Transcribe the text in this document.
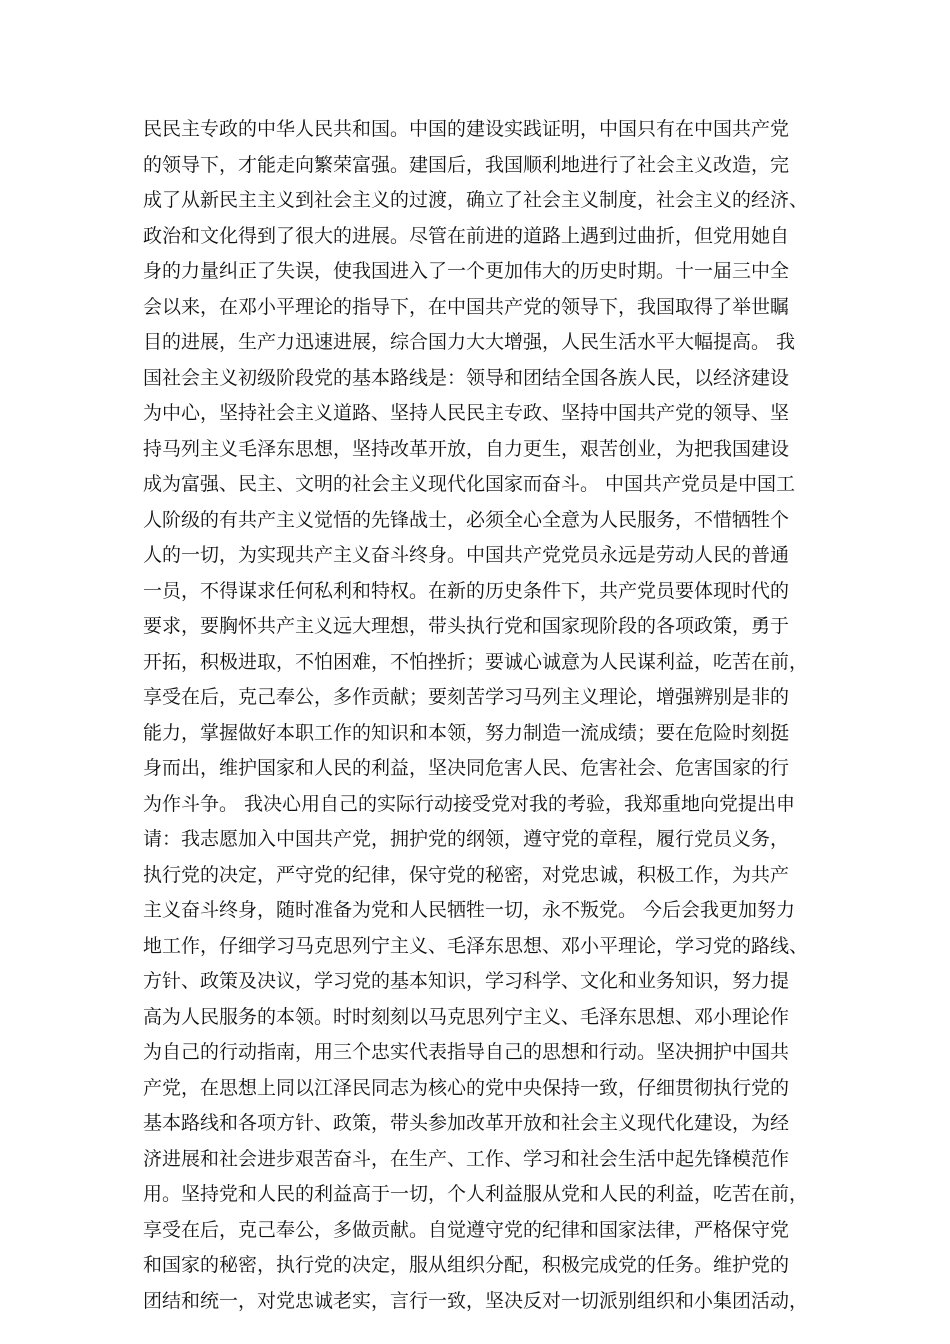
民民主专政的中华人民共和国。中国的建设实践证明，中国只有在中国共产党
的领导下，才能走向繁荣富强。建国后，我国顺利地进行了社会主义改造，完
成了从新民主主义到社会主义的过渡，确立了社会主义制度，社会主义的经济、
政治和文化得到了很大的进展。尽管在前进的道路上遇到过曲折，但党用她自
身的力量纠正了失误，使我国进入了一个更加伟大的历史时期。十一届三中全
会以来，在邓小平理论的指导下，在中国共产党的领导下，我国取得了举世瞩
目的进展，生产力迅速进展，综合国力大大增强，人民生活水平大幅提高。 我
国社会主义初级阶段党的基本路线是：领导和团结全国各族人民，以经济建设
为中心，坚持社会主义道路、坚持人民民主专政、坚持中国共产党的领导、坚
持马列主义毛泽东思想，坚持改革开放，自力更生，艰苦创业，为把我国建设
成为富强、民主、文明的社会主义现代化国家而奋斗。 中国共产党员是中国工
人阶级的有共产主义觉悟的先锋战士，必须全心全意为人民服务，不惜牺牲个
人的一切，为实现共产主义奋斗终身。中国共产党党员永远是劳动人民的普通
一员，不得谋求任何私利和特权。在新的历史条件下，共产党员要体现时代的
要求，要胸怀共产主义远大理想，带头执行党和国家现阶段的各项政策，勇于
开拓，积极进取，不怕困难，不怕挫折；要诚心诚意为人民谋利益，吃苦在前，
享受在后，克己奉公，多作贡献；要刻苦学习马列主义理论，增强辨别是非的
能力，掌握做好本职工作的知识和本领，努力制造一流成绩；要在危险时刻挺
身而出，维护国家和人民的利益，坚决同危害人民、危害社会、危害国家的行
为作斗争。 我决心用自己的实际行动接受党对我的考验，我郑重地向党提出申
请：我志愿加入中国共产党，拥护党的纲领，遵守党的章程，履行党员义务，
执行党的决定，严守党的纪律，保守党的秘密，对党忠诚，积极工作，为共产
主义奋斗终身，随时准备为党和人民牺牲一切，永不叛党。 今后会我更加努力
地工作，仔细学习马克思列宁主义、毛泽东思想、邓小平理论，学习党的路线、
方针、政策及决议，学习党的基本知识，学习科学、文化和业务知识，努力提
高为人民服务的本领。时时刻刻以马克思列宁主义、毛泽东思想、邓小理论作
为自己的行动指南，用三个忠实代表指导自己的思想和行动。坚决拥护中国共
产党，在思想上同以江泽民同志为核心的党中央保持一致，仔细贯彻执行党的
基本路线和各项方针、政策，带头参加改革开放和社会主义现代化建设，为经
济进展和社会进步艰苦奋斗，在生产、工作、学习和社会生活中起先锋模范作
用。坚持党和人民的利益高于一切，个人利益服从党和人民的利益，吃苦在前，
享受在后，克己奉公，多做贡献。自觉遵守党的纪律和国家法律，严格保守党
和国家的秘密，执行党的决定，服从组织分配，积极完成党的任务。维护党的
团结和统一，对党忠诚老实，言行一致，坚决反对一切派别组织和小集团活动，
